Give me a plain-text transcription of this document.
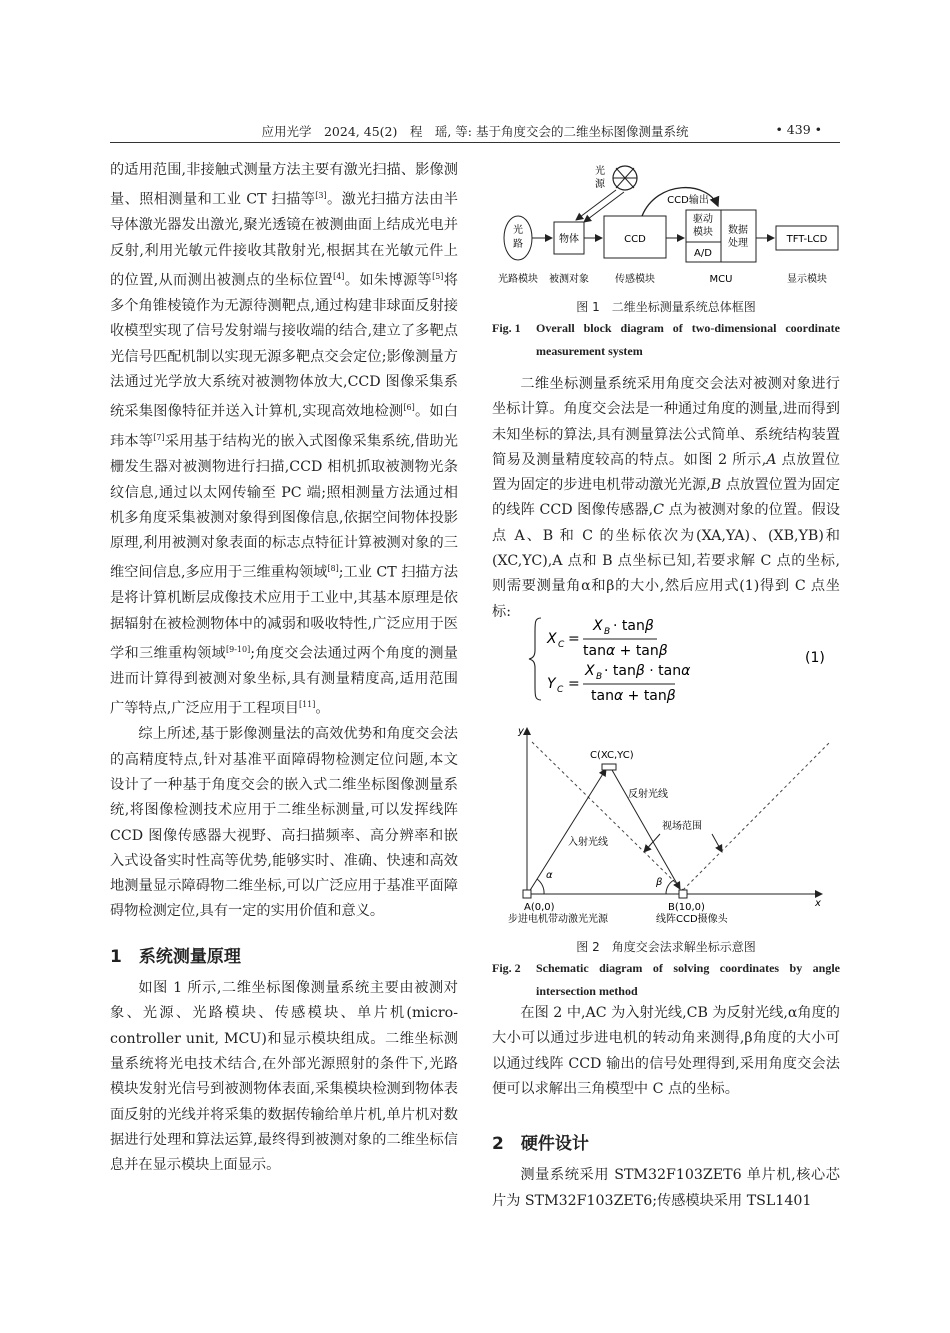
应用光学　2024, 45(2)　程　瑶, 等: 基于角度交会的二维坐标图像测量系统	• 439 •

的适用范围,非接触式测量方法主要有激光扫描、影像测量、照相测量和工业 CT 扫描等[3]。激光扫描方法由半导体激光器发出激光,聚光透镜在被测曲面上结成光电并反射,利用光敏元件接收其散射光,根据其在光敏元件上的位置,从而测出被测点的坐标位置[4]。如朱博源等[5]将多个角锥棱镜作为无源待测靶点,通过构建非球面反射接收模型实现了信号发射端与接收端的结合,建立了多靶点光信号匹配机制以实现无源多靶点交会定位;影像测量方法通过光学放大系统对被测物体放大,CCD 图像采集系统采集图像特征并送入计算机,实现高效地检测[6]。如白玮本等[7]采用基于结构光的嵌入式图像采集系统,借助光栅发生器对被测物进行扫描,CCD 相机抓取被测物光条纹信息,通过以太网传输至 PC 端;照相测量方法通过相机多角度采集被测对象得到图像信息,依据空间物体投影原理,利用被测对象表面的标志点特征计算被测对象的三维空间信息,多应用于三维重构领域[8];工业 CT 扫描方法是将计算机断层成像技术应用于工业中,其基本原理是依据辐射在被检测物体中的减弱和吸收特性,广泛应用于医学和三维重构领域[9-10];角度交会法通过两个角度的测量进而计算得到被测对象坐标,具有测量精度高,适用范围广等特点,广泛应用于工程项目[11]。

综上所述,基于影像测量法的高效优势和角度交会法的高精度特点,针对基准平面障碍物检测定位问题,本文设计了一种基于角度交会的嵌入式二维坐标图像测量系统,将图像检测技术应用于二维坐标测量,可以发挥线阵 CCD 图像传感器大视野、高扫描频率、高分辨率和嵌入式设备实时性高等优势,能够实时、准确、快速和高效地测量显示障碍物二维坐标,可以广泛应用于基准平面障碍物检测定位,具有一定的实用价值和意义。

1　 系统测量原理

如图 1 所示,二维坐标图像测量系统主要由被测对象、光源、光路模块、传感模块、单片机(micro-controller unit, MCU)和显示模块组成。二维坐标测量系统将光电技术结合,在外部光源照射的条件下,光路模块发射光信号到被测物体表面,采集模块检测到物体表面反射的光线并将采集的数据传输给单片机,单片机对数据进行处理和算法运算,最终得到被测对象的二维坐标信息并在显示模块上面显示。

光
源
光
路	物体	CCD
CCD输出
驱动
模块
A/D
数据
处理	TFT-LCD
光路模块 被测对象	传感模块	MCU	显示模块
图 1　二维坐标测量系统总体框图
Fig. 1 Overall block diagram of two-dimensional coordinate measurement system

二维坐标测量系统采用角度交会法对被测对象进行坐标计算。角度交会法是一种通过角度的测量,进而得到未知坐标的算法,具有测量算法公式简单、系统结构装置简易及测量精度较高的特点。如图 2 所示,A 点放置位置为固定的步进电机带动激光光源,B 点放置位置为固定的线阵 CCD 图像传感器,C 点为被测对象的位置。假设点 A、B 和 C 的坐标依次为(XA,YA)、(XB,YB)和(XC,YC),A 点和 B 点坐标已知,若要求解 C 点的坐标,则需要测量角α和β的大小,然后应用式(1)得到 C 点坐标:

X C =
X B · tanβ
tanα + tanβ
Y C =
X B · tanβ · tanα
tanα + tanβ
(1)
y
x
C(XC,YC)
反射光线
入射光线
视场范围
α
β
A(0,0)	B(10,0)
步进电机带动激光光源	线阵CCD摄像头
图 2　角度交会法求解坐标示意图
Fig. 2 Schematic diagram of solving coordinates by angle intersection method

在图 2 中,AC 为入射光线,CB 为反射光线,α角度的大小可以通过步进电机的转动角来测得,β角度的大小可以通过线阵 CCD 输出的信号处理得到,采用角度交会法便可以求解出三角模型中 C 点的坐标。

2　 硬件设计

测量系统采用 STM32F103ZET6 单片机,核心芯片为 STM32F103ZET6;传感模块采用 TSL1401
